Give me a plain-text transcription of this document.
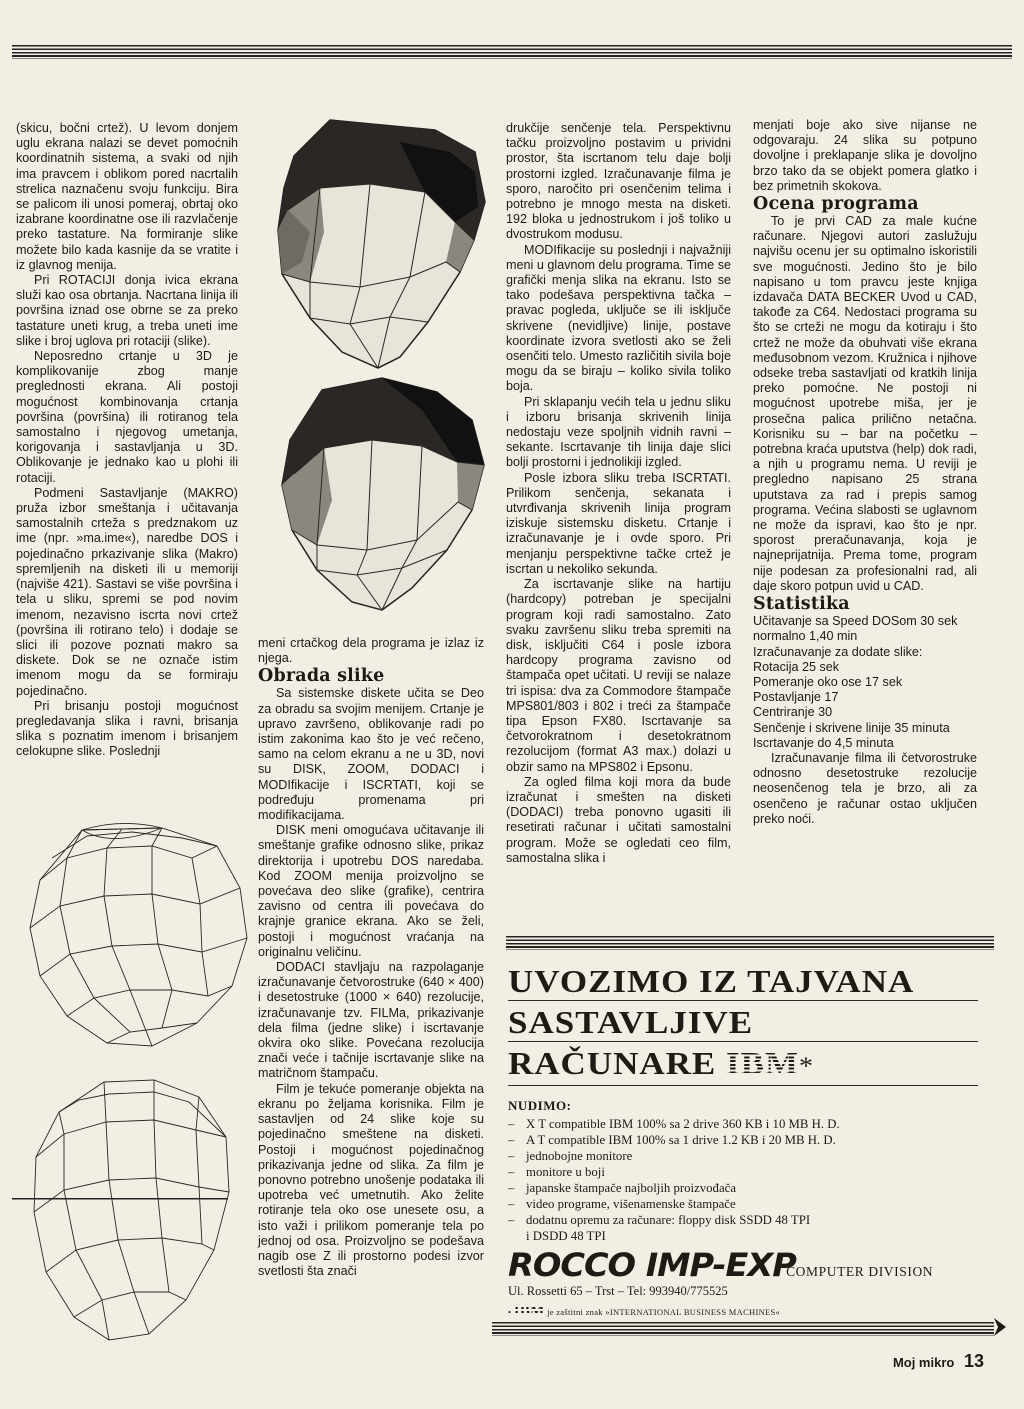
(skicu, bočni crtež). U levom donjem uglu ekrana nalazi se devet pomoćnih koordinatnih sistema, a svaki od njih ima pravcem i oblikom pored nacrtalih strelica naznačenu svoju funkciju. Bira se palicom ili unosi pomeraj, obrtaj oko izabrane koordinatne ose ili razvlačenje preko tastature. Na formiranje slike možete bilo kada kasnije da se vratite i iz glavnog menija.

Pri ROTACIJI donja ivica ekrana služi kao osa obrtanja. Nacrtana linija ili površina iznad ose obrne se za preko tastature uneti krug, a treba uneti ime slike i broj uglova pri rotaciji (slike).

Neposredno crtanje u 3D je komplikovanije zbog manje preglednosti ekrana. Ali postoji mogućnost kombinovanja crtanja površina (površina) ili rotiranog tela samostalno i njegovog umetanja, korigovanja i sastavljanja u 3D. Oblikovanje je jednako kao u plohi ili rotaciji.

Podmeni Sastavljanje (MAKRO) pruža izbor smeštanja i učitavanja samostalnih crteža s predznakom uz ime (npr. »ma.ime«), naredbe DOS i pojedinačno prkazivanje slika (Makro) spremljenih na disketi ili u memoriji (najviše 421). Sastavi se više površina i tela u sliku, spremi se pod novim imenom, nezavisno iscrta novi crtež (površina ili rotirano telo) i dodaje se slici ili pozove poznati makro sa diskete. Dok se ne označe istim imenom mogu da se formiraju pojedinačno.

Pri brisanju postoji mogućnost pregledavanja slika i ravni, brisanja slika s poznatim imenom i brisanjem celokupne slike. Poslednji

meni crtačkog dela programa je izlaz iz njega.

Obrada slike

Sa sistemske diskete učita se Deo za obradu sa svojim menijem. Crtanje je upravo završeno, oblikovanje radi po istim zakonima kao što je već rečeno, samo na celom ekranu a ne u 3D, novi su DISK, ZOOM, DODACI i MODIfikacije i ISCRTATI, koji se podređuju promenama pri modifikacijama.

DISK meni omogućava učitavanje ili smeštanje grafike odnosno slike, prikaz direktorija i upotrebu DOS naredaba. Kod ZOOM menija proizvoljno se povećava deo slike (grafike), centrira zavisno od centra ili povećava do krajnje granice ekrana. Ako se želi, postoji i mogućnost vraćanja na originalnu veličinu.

DODACI stavljaju na razpolaganje izračunavanje četvorostruke (640 × 400) i desetostruke (1000 × 640) rezolucije, izračunavanje tzv. FILMa, prikazivanje dela filma (jedne slike) i iscrtavanje okvira oko slike. Povećana rezolucija znači veće i tačnije iscrtavanje slike na matričnom štampaču.

Film je tekuće pomeranje objekta na ekranu po željama korisnika. Film je sastavljen od 24 slike koje su pojedinačno smeštene na disketi. Postoji i mogućnost pojedinačnog prikazivanja jedne od slika. Za film je ponovno potrebno unošenje podataka ili upotreba već umetnutih. Ako želite rotiranje tela oko ose unesete osu, a isto važi i prilikom pomeranje tela po jednoj od osa. Proizvoljno se podešava nagib ose Z ili prostorno podesi izvor svetlosti šta znači

drukčije senčenje tela. Perspektivnu tačku proizvoljno postavim u prividni prostor, šta iscrtanom telu daje bolji prostorni izgled. Izračunavanje filma je sporo, naročito pri osenčenim telima i potrebno je mnogo mesta na disketi. 192 bloka u jednostrukom i još toliko u dvostrukom modusu.

MODIfikacije su poslednji i najvažniji meni u glavnom delu programa. Time se grafički menja slika na ekranu. Isto se tako podešava perspektivna tačka – pravac pogleda, uključe se ili isključe skrivene (nevidljive) linije, postave koordinate izvora svetlosti ako se želi osenčiti telo. Umesto različitih sivila boje mogu da se biraju – koliko sivila toliko boja.

Pri sklapanju većih tela u jednu sliku i izboru brisanja skrivenih linija nedostaju veze spoljnih vidnih ravni – sekante. Iscrtavanje tih linija daje slici bolji prostorni i jednolikiji izgled.

Posle izbora sliku treba ISCRTATI. Prilikom senčenja, sekanata i utvrđivanja skrivenih linija program iziskuje sistemsku disketu. Crtanje i izračunavanje je i ovde sporo. Pri menjanju perspektivne tačke crtež je iscrtan u nekoliko sekunda.

Za iscrtavanje slike na hartiju (hardcopy) potreban je specijalni program koji radi samostalno. Zato svaku završenu sliku treba spremiti na disk, isključiti C64 i posle izbora hardcopy programa zavisno od štampača opet učitati. U reviji se nalaze tri ispisa: dva za Commodore štampače MPS801/803 i 802 i treći za štampače tipa Epson FX80. Iscrtavanje sa četvorokratnom i desetokratnom rezolucijom (format A3 max.) dolazi u obzir samo na MPS802 i Epsonu.

Za ogled filma koji mora da bude izračunat i smešten na disketi (DODACI) treba ponovno ugasiti ili resetirati računar i učitati samostalni program. Može se ogledati ceo film, samostalna slika i

menjati boje ako sive nijanse ne odgovaraju. 24 slika su potpuno dovoljne i preklapanje slika je dovoljno brzo tako da se objekt pomera glatko i bez primetnih skokova.

Ocena programa

To je prvi CAD za male kućne računare. Njegovi autori zaslužuju najvišu ocenu jer su optimalno iskoristili sve mogućnosti. Jedino što je bilo napisano u tom pravcu jeste knjiga izdavača DATA BECKER Uvod u CAD, takođe za C64. Nedostaci programa su što se crteži ne mogu da kotiraju i što crtež ne može da obuhvati više ekrana međusobnom vezom. Kružnica i njihove odseke treba sastavljati od kratkih linija preko pomoćne. Ne postoji ni mogućnost upotrebe miša, jer je prosečna palica prilično netačna. Korisniku su – bar na početku – potrebna kraća uputstva (help) dok radi, a njih u programu nema. U reviji je pregledno napisano 25 strana uputstava za rad i prepis samog programa. Većina slabosti se uglavnom ne može da ispravi, kao što je npr. sporost preračunavanja, koja je najneprijatnija. Prema tome, program nije podesan za profesionalni rad, ali daje skoro potpun uvid u CAD.

Statistika
Učitavanje sa Speed DOSom 30 sek
normalno 1,40 min
Izračunavanje za dodate slike:
Rotacija 25 sek
Pomeranje oko ose 17 sek
Postavljanje 17
Centriranje 30
Senčenje i skrivene linije 35 minuta
Iscrtavanje do 4,5 minuta

Izračunavanje filma ili četvorostruke odnosno desetostruke rezolucije neosenčenog tela je brzo, ali za osenčeno je računar ostao uključen preko noći.

UVOZIMO IZ TAJVANA
SASTAVLJIVE
RAČUNARE IBM*
NUDIMO:
– X T compatible IBM 100% sa 2 drive 360 KB i 10 MB H. D.
– A T compatible IBM 100% sa 1 drive 1.2 KB i 20 MB H. D.
– jednobojne monitore
– monitore u boji
– japanske štampače najboljih proizvođača
– video programe, višenamenske štampače
– dodatnu opremu za računare: floppy disk SSDD 48 TPI
i DSDD 48 TPI
ROCCO IMP-EXP COMPUTER DIVISION
Ul. Rossetti 65 – Trst – Tel: 993940/775525
• IBM je zaštitni znak »INTERNATIONAL BUSINESS MACHINES«
Moj mikro 13
